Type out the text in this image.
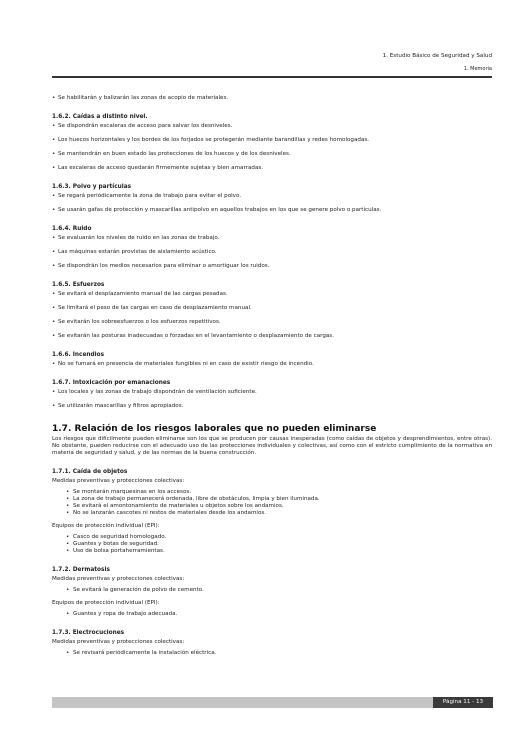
1. Estudio Básico de Seguridad y Salud
1. Memoria
• Se habilitarán y balizarán las zonas de acopio de materiales.
1.6.2. Caídas a distinto nivel.
• Se dispondrán escaleras de acceso para salvar los desniveles.
• Los huecos horizontales y los bordes de los forjados se protegerán mediante barandillas y redes homologadas.
• Se mantendrán en buen estado las protecciones de los huecos y de los desniveles.
• Las escaleras de acceso quedarán firmemente sujetas y bien amarradas.
1.6.3. Polvo y partículas
• Se regará periódicamente la zona de trabajo para evitar el polvo.
• Se usarán gafas de protección y mascarillas antipolvo en aquellos trabajos en los que se genere polvo o partículas.
1.6.4. Ruido
• Se evaluarán los niveles de ruido en las zonas de trabajo.
• Las máquinas estarán provistas de aislamiento acústico.
• Se dispondrán los medios necesarios para eliminar o amortiguar los ruidos.
1.6.5. Esfuerzos
• Se evitará el desplazamiento manual de las cargas pesadas.
• Se limitará el peso de las cargas en caso de desplazamiento manual.
• Se evitarán los sobreesfuerzos o los esfuerzos repetitivos.
• Se evitarán las posturas inadecuadas o forzadas en el levantamiento o desplazamiento de cargas.
1.6.6. Incendios
• No se fumará en presencia de materiales fungibles ni en caso de existir riesgo de incendio.
1.6.7. Intoxicación por emanaciones
• Los locales y las zonas de trabajo dispondrán de ventilación suficiente.
• Se utilizarán mascarillas y filtros apropiados.
1.7. Relación de los riesgos laborales que no pueden eliminarse
Los riesgos que difícilmente pueden eliminarse son los que se producen por causas inesperadas (como caídas de objetos y desprendimientos, entre otras). No obstante, pueden reducirse con el adecuado uso de las protecciones individuales y colectivas, así como con el estricto cumplimiento de la normativa en materia de seguridad y salud, y de las normas de la buena construcción.
1.7.1. Caída de objetos
Medidas preventivas y protecciones colectivas:
• Se montarán marquesinas en los accesos.
• La zona de trabajo permanecerá ordenada, libre de obstáculos, limpia y bien iluminada.
• Se evitará el amontonamiento de materiales u objetos sobre los andamios.
• No se lanzarán cascotes ni restos de materiales desde los andamios.
Equipos de protección individual (EPI):
• Casco de seguridad homologado.
• Guantes y botas de seguridad.
• Uso de bolsa portaherramientas.
1.7.2. Dermatosis
Medidas preventivas y protecciones colectivas:
• Se evitará la generación de polvo de cemento.
Equipos de protección individual (EPI):
• Guantes y ropa de trabajo adecuada.
1.7.3. Electrocuciones
Medidas preventivas y protecciones colectivas:
• Se revisará periódicamente la instalación eléctrica.
Página 11 - 13
